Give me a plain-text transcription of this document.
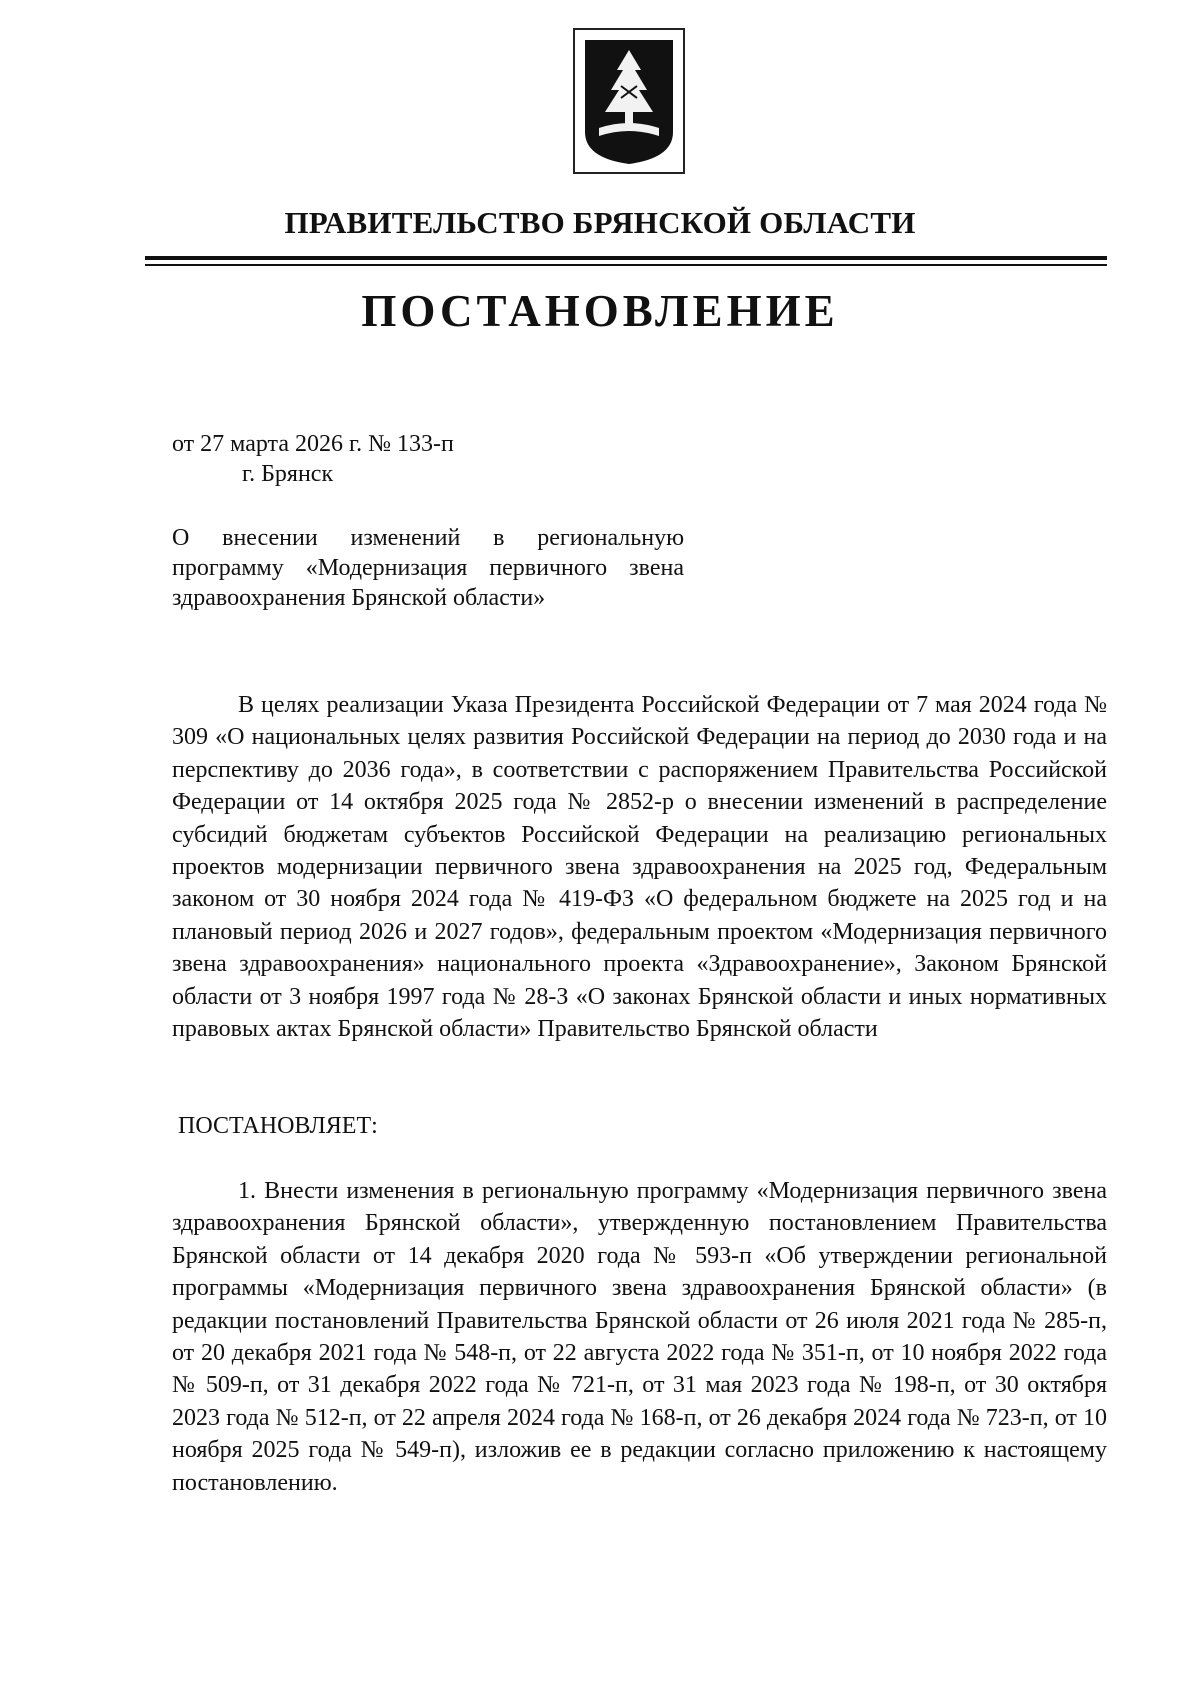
ПРАВИТЕЛЬСТВО БРЯНСКОЙ ОБЛАСТИ
ПОСТАНОВЛЕНИЕ
от 27 марта 2026 г. № 133-п
г. Брянск
О внесении изменений в региональную программу «Модернизация первичного звена здравоохранения Брянской области»
В целях реализации Указа Президента Российской Федерации от 7 мая 2024 года № 309 «О национальных целях развития Российской Федерации на период до 2030 года и на перспективу до 2036 года», в соответствии с распоряжением Правительства Российской Федерации от 14 октября 2025 года № 2852-р о внесении изменений в распределение субсидий бюджетам субъектов Российской Федерации на реализацию региональных проектов модернизации первичного звена здравоохранения на 2025 год, Федеральным законом от 30 ноября 2024 года № 419-ФЗ «О федеральном бюджете на 2025 год и на плановый период 2026 и 2027 годов», федеральным проектом «Модернизация первичного звена здравоохранения» национального проекта «Здравоохранение», Законом Брянской области от 3 ноября 1997 года № 28-З «О законах Брянской области и иных нормативных правовых актах Брянской области» Правительство Брянской области
ПОСТАНОВЛЯЕТ:
1. Внести изменения в региональную программу «Модернизация первичного звена здравоохранения Брянской области», утвержденную постановлением Правительства Брянской области от 14 декабря 2020 года № 593-п «Об утверждении региональной программы «Модернизация первичного звена здравоохранения Брянской области» (в редакции постановлений Правительства Брянской области от 26 июля 2021 года № 285-п, от 20 декабря 2021 года № 548-п, от 22 августа 2022 года № 351-п, от 10 ноября 2022 года № 509-п, от 31 декабря 2022 года № 721-п, от 31 мая 2023 года № 198-п, от 30 октября 2023 года № 512-п, от 22 апреля 2024 года № 168-п, от 26 декабря 2024 года № 723-п, от 10 ноября 2025 года № 549-п), изложив ее в редакции согласно приложению к настоящему постановлению.
